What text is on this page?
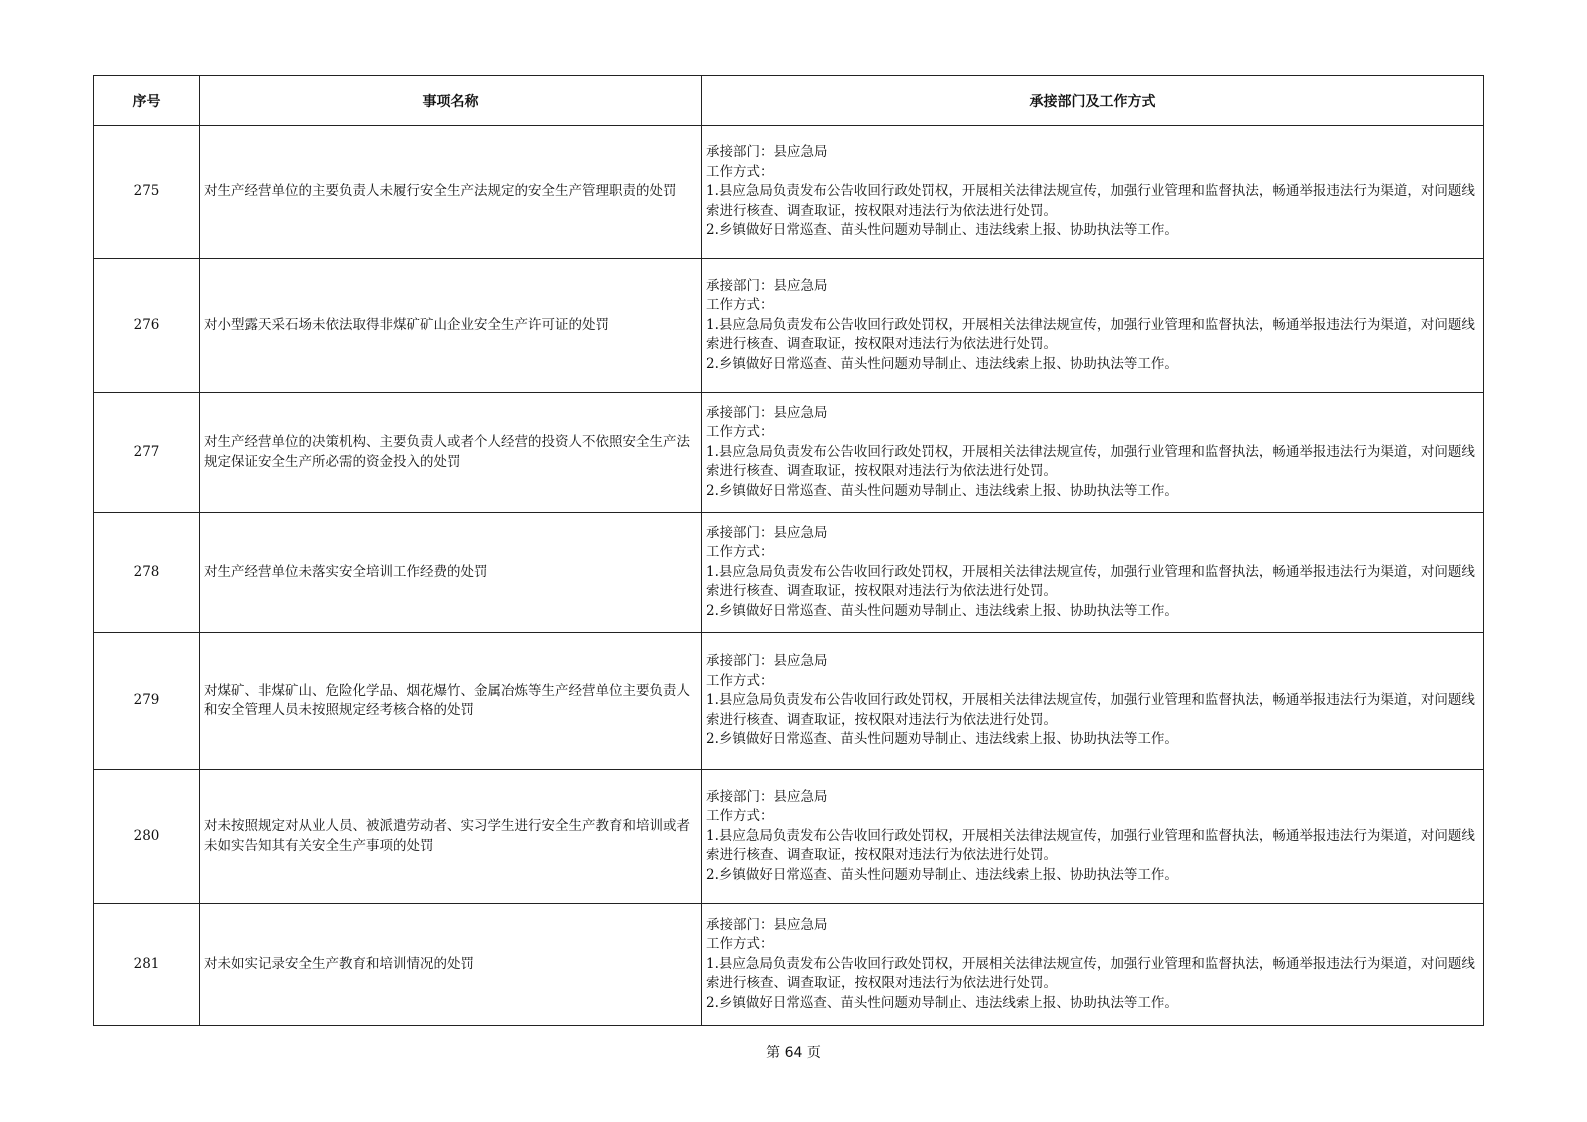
序号	事项名称	承接部门及工作方式
275	对生产经营单位的主要负责人未履行安全生产法规定的安全生产管理职责的处罚	承接部门：县应急局
工作方式：
1.县应急局负责发布公告收回行政处罚权，开展相关法律法规宣传，加强行业管理和监督执法，畅通举报违法行为渠道，对问题线索进行核查、调查取证，按权限对违法行为依法进行处罚。
2.乡镇做好日常巡查、苗头性问题劝导制止、违法线索上报、协助执法等工作。

276	对小型露天采石场未依法取得非煤矿矿山企业安全生产许可证的处罚	承接部门：县应急局
工作方式：
1.县应急局负责发布公告收回行政处罚权，开展相关法律法规宣传，加强行业管理和监督执法，畅通举报违法行为渠道，对问题线索进行核查、调查取证，按权限对违法行为依法进行处罚。
2.乡镇做好日常巡查、苗头性问题劝导制止、违法线索上报、协助执法等工作。

277	对生产经营单位的决策机构、主要负责人或者个人经营的投资人不依照安全生产法规定保证安全生产所必需的资金投入的处罚	承接部门：县应急局
工作方式：
1.县应急局负责发布公告收回行政处罚权，开展相关法律法规宣传，加强行业管理和监督执法，畅通举报违法行为渠道，对问题线索进行核查、调查取证，按权限对违法行为依法进行处罚。
2.乡镇做好日常巡查、苗头性问题劝导制止、违法线索上报、协助执法等工作。

278	对生产经营单位未落实安全培训工作经费的处罚	承接部门：县应急局
工作方式：
1.县应急局负责发布公告收回行政处罚权，开展相关法律法规宣传，加强行业管理和监督执法，畅通举报违法行为渠道，对问题线索进行核查、调查取证，按权限对违法行为依法进行处罚。
2.乡镇做好日常巡查、苗头性问题劝导制止、违法线索上报、协助执法等工作。

279	对煤矿、非煤矿山、危险化学品、烟花爆竹、金属冶炼等生产经营单位主要负责人和安全管理人员未按照规定经考核合格的处罚	承接部门：县应急局
工作方式：
1.县应急局负责发布公告收回行政处罚权，开展相关法律法规宣传，加强行业管理和监督执法，畅通举报违法行为渠道，对问题线索进行核查、调查取证，按权限对违法行为依法进行处罚。
2.乡镇做好日常巡查、苗头性问题劝导制止、违法线索上报、协助执法等工作。

280	对未按照规定对从业人员、被派遣劳动者、实习学生进行安全生产教育和培训或者未如实告知其有关安全生产事项的处罚	承接部门：县应急局
工作方式：
1.县应急局负责发布公告收回行政处罚权，开展相关法律法规宣传，加强行业管理和监督执法，畅通举报违法行为渠道，对问题线索进行核查、调查取证，按权限对违法行为依法进行处罚。
2.乡镇做好日常巡查、苗头性问题劝导制止、违法线索上报、协助执法等工作。

281	对未如实记录安全生产教育和培训情况的处罚	承接部门：县应急局
工作方式：
1.县应急局负责发布公告收回行政处罚权，开展相关法律法规宣传，加强行业管理和监督执法，畅通举报违法行为渠道，对问题线索进行核查、调查取证，按权限对违法行为依法进行处罚。
2.乡镇做好日常巡查、苗头性问题劝导制止、违法线索上报、协助执法等工作。
第 64 页
